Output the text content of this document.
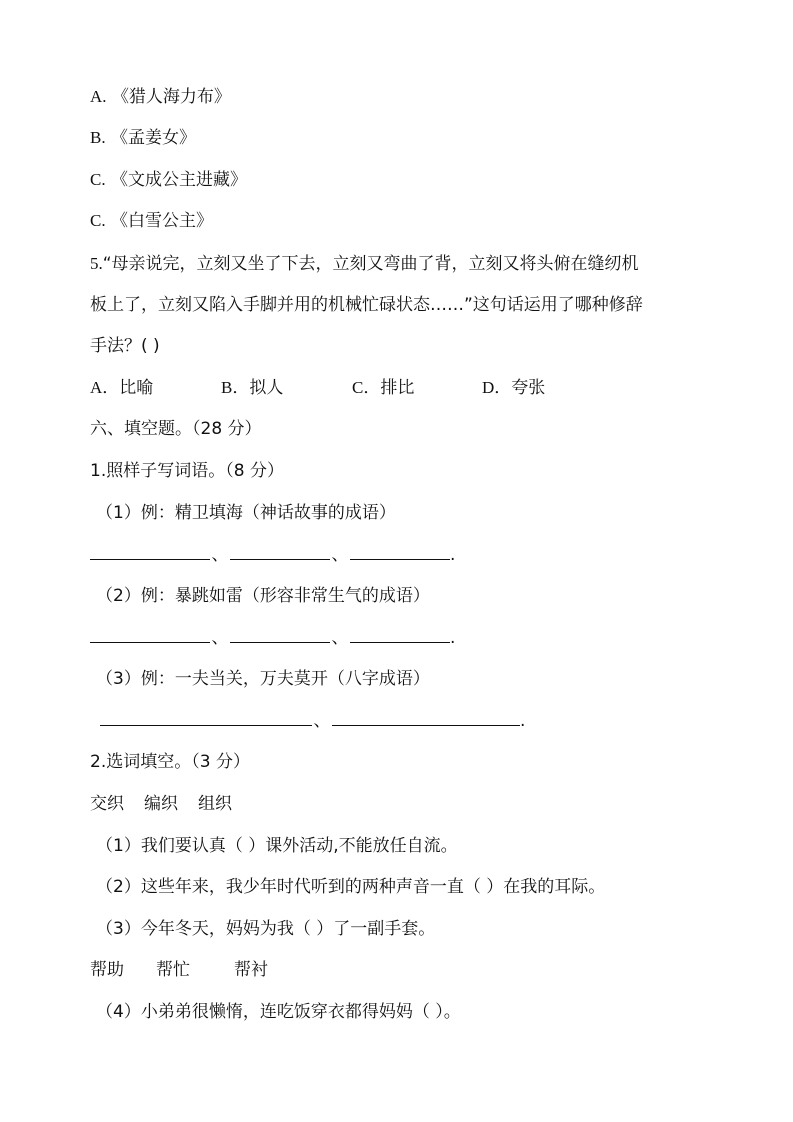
A. 《猎人海力布》
B. 《孟姜女》
C. 《文成公主进藏》
C. 《白雪公主》
5.“母亲说完，立刻又坐了下去，立刻又弯曲了背，立刻又将头俯在缝纫机
板上了，立刻又陷入手脚并用的机械忙碌状态……”这句话运用了哪种修辞
手法？( )
A．比喻	B．拟人	C．排比	D．夸张
六、填空题。（28 分）
1.照样子写词语。（8 分）
（1）例：精卫填海（神话故事的成语）
、	、	.
（2）例：暴跳如雷（形容非常生气的成语）
、	、	.
（3）例：一夫当关，万夫莫开（八字成语）
、	.
2.选词填空。（3 分）
交织 编织 组织
（1）我们要认真（ ）课外活动,不能放任自流。
（2）这些年来，我少年时代听到的两种声音一直（ ）在我的耳际。
（3）今年冬天，妈妈为我（ ）了一副手套。
帮助 帮忙	帮衬
（4）小弟弟很懒惰，连吃饭穿衣都得妈妈（ ）。
